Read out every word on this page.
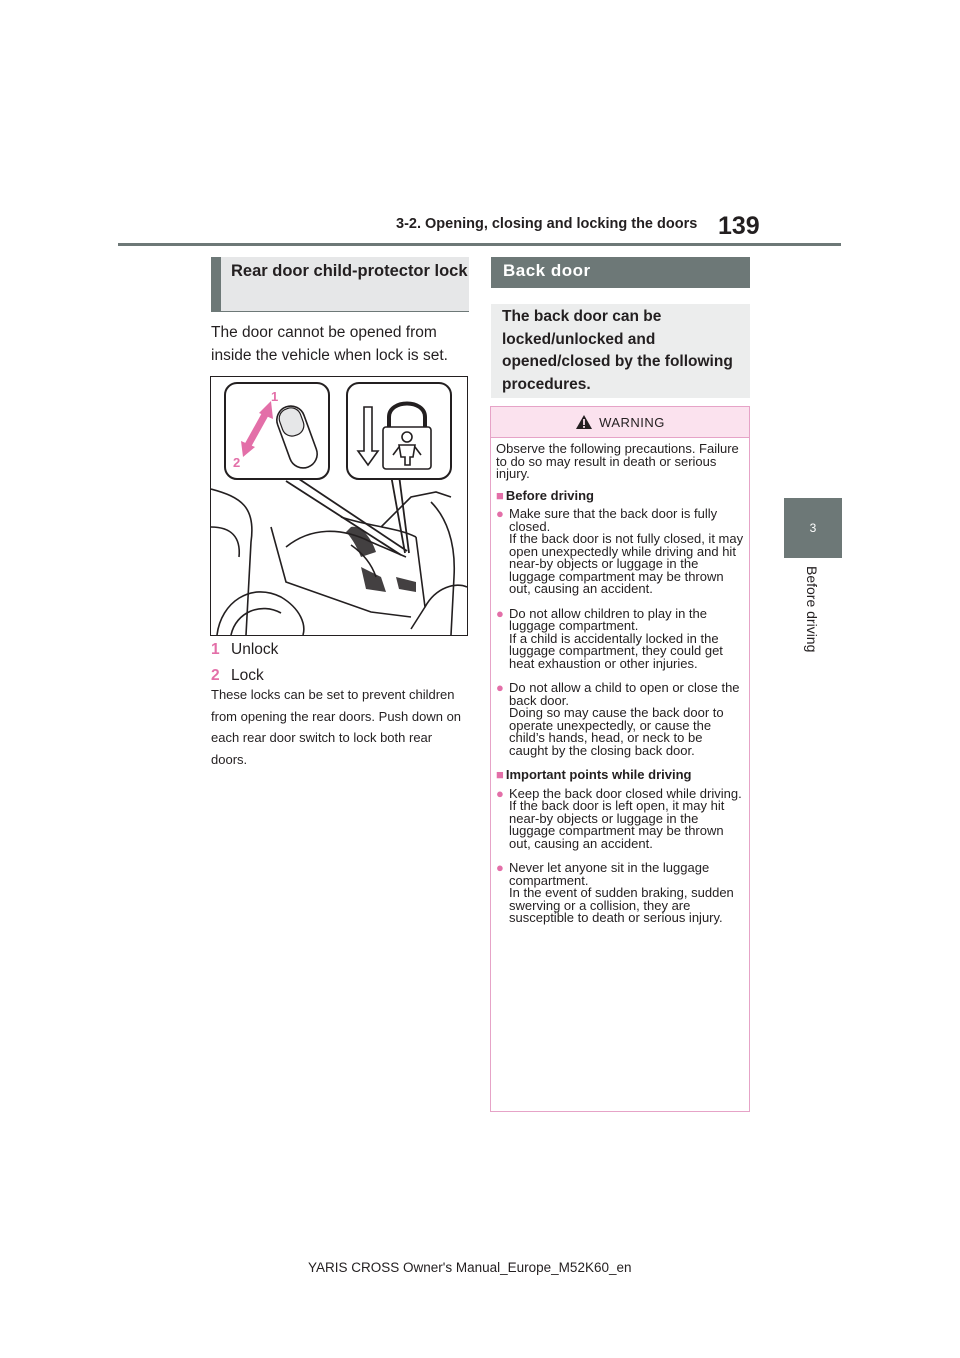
3-2. Opening, closing and locking the doors 139
3
Before driving
Rear door child-protector lock
The door cannot be opened from inside the vehicle when lock is set.
1
2
1 Unlock
2 Lock
These locks can be set to prevent children from opening the rear doors. Push down on each rear door switch to lock both rear doors.
Back door
The back door can be locked/unlocked and opened/closed by the following procedures.
WARNING

Observe the following precautions. Failure to do so may result in death or serious injury.

■ Before driving

● Make sure that the back door is fully closed.
If the back door is not fully closed, it may open unexpectedly while driving and hit near-by objects or luggage in the luggage compartment may be thrown out, causing an accident.
● Do not allow children to play in the luggage compartment.
If a child is accidentally locked in the luggage compartment, they could get heat exhaustion or other injuries.
● Do not allow a child to open or close the back door.
Doing so may cause the back door to operate unexpectedly, or cause the child’s hands, head, or neck to be caught by the closing back door.

■ Important points while driving

● Keep the back door closed while driving.
If the back door is left open, it may hit near-by objects or luggage in the luggage compartment may be thrown out, causing an accident.
● Never let anyone sit in the luggage compartment.
In the event of sudden braking, sudden swerving or a collision, they are susceptible to death or serious injury.
YARIS CROSS Owner's Manual_Europe_M52K60_en
